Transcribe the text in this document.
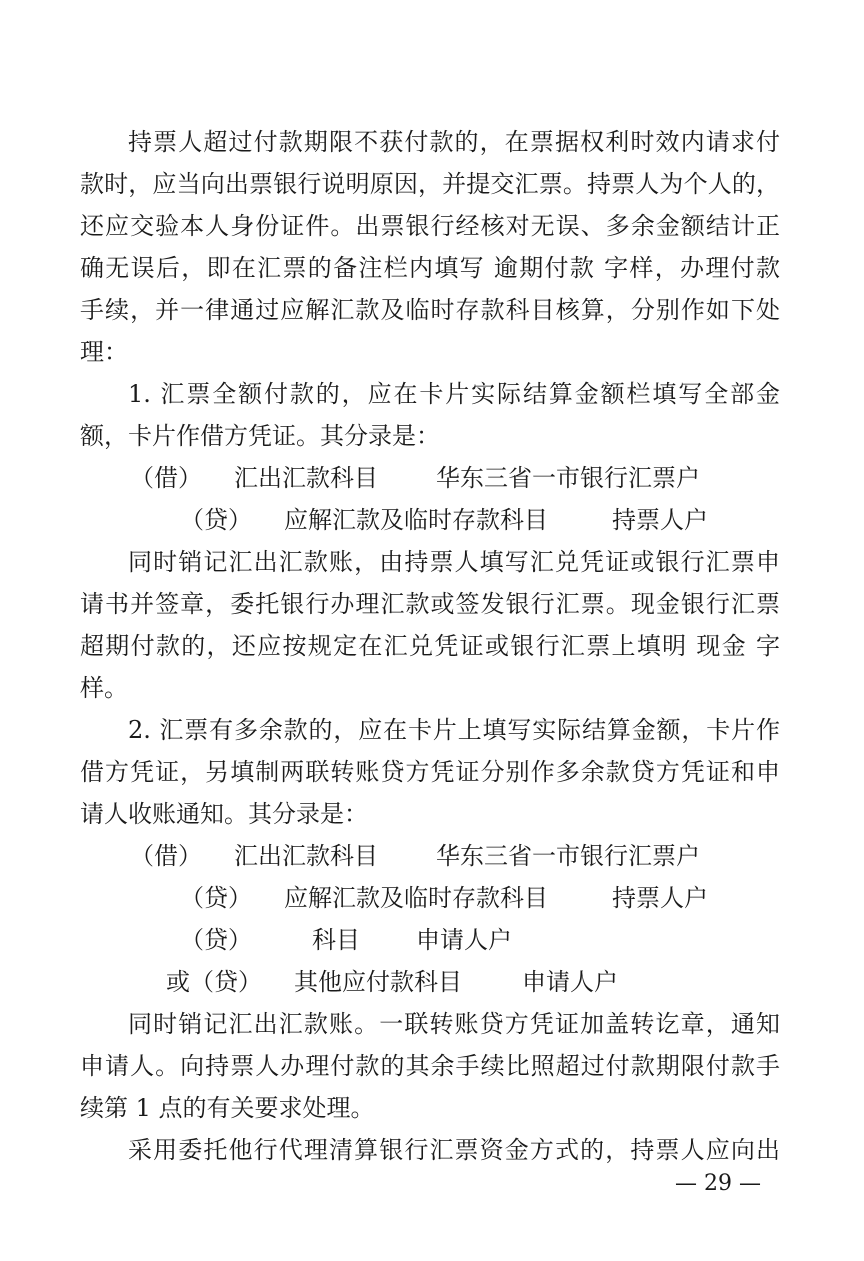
持票人超过付款期限不获付款的，在票据权利时效内请求付
款时，应当向出票银行说明原因，并提交汇票。持票人为个人的，
还应交验本人身份证件。出票银行经核对无误、多余金额结计正
确无误后，即在汇票的备注栏内填写 逾期付款 字样，办理付款
手续，并一律通过应解汇款及临时存款科目核算，分别作如下处
理：
1. 汇票全额付款的，应在卡片实际结算金额栏填写全部金
额，卡片作借方凭证。其分录是：
（借） 汇出汇款科目 华东三省一市银行汇票户
（贷） 应解汇款及临时存款科目	持票人户
同时销记汇出汇款账，由持票人填写汇兑凭证或银行汇票申
请书并签章，委托银行办理汇款或签发银行汇票。现金银行汇票
超期付款的，还应按规定在汇兑凭证或银行汇票上填明 现金 字
样。
2. 汇票有多余款的，应在卡片上填写实际结算金额，卡片作
借方凭证，另填制两联转账贷方凭证分别作多余款贷方凭证和申
请人收账通知。其分录是：
（借） 汇出汇款科目 华东三省一市银行汇票户
（贷） 应解汇款及临时存款科目	持票人户
（贷）	科目 申请人户
或（贷） 其他应付款科目	申请人户
同时销记汇出汇款账。一联转账贷方凭证加盖转讫章，通知
申请人。向持票人办理付款的其余手续比照超过付款期限付款手
续第 1 点的有关要求处理。
采用委托他行代理清算银行汇票资金方式的，持票人应向出
— 29 —
